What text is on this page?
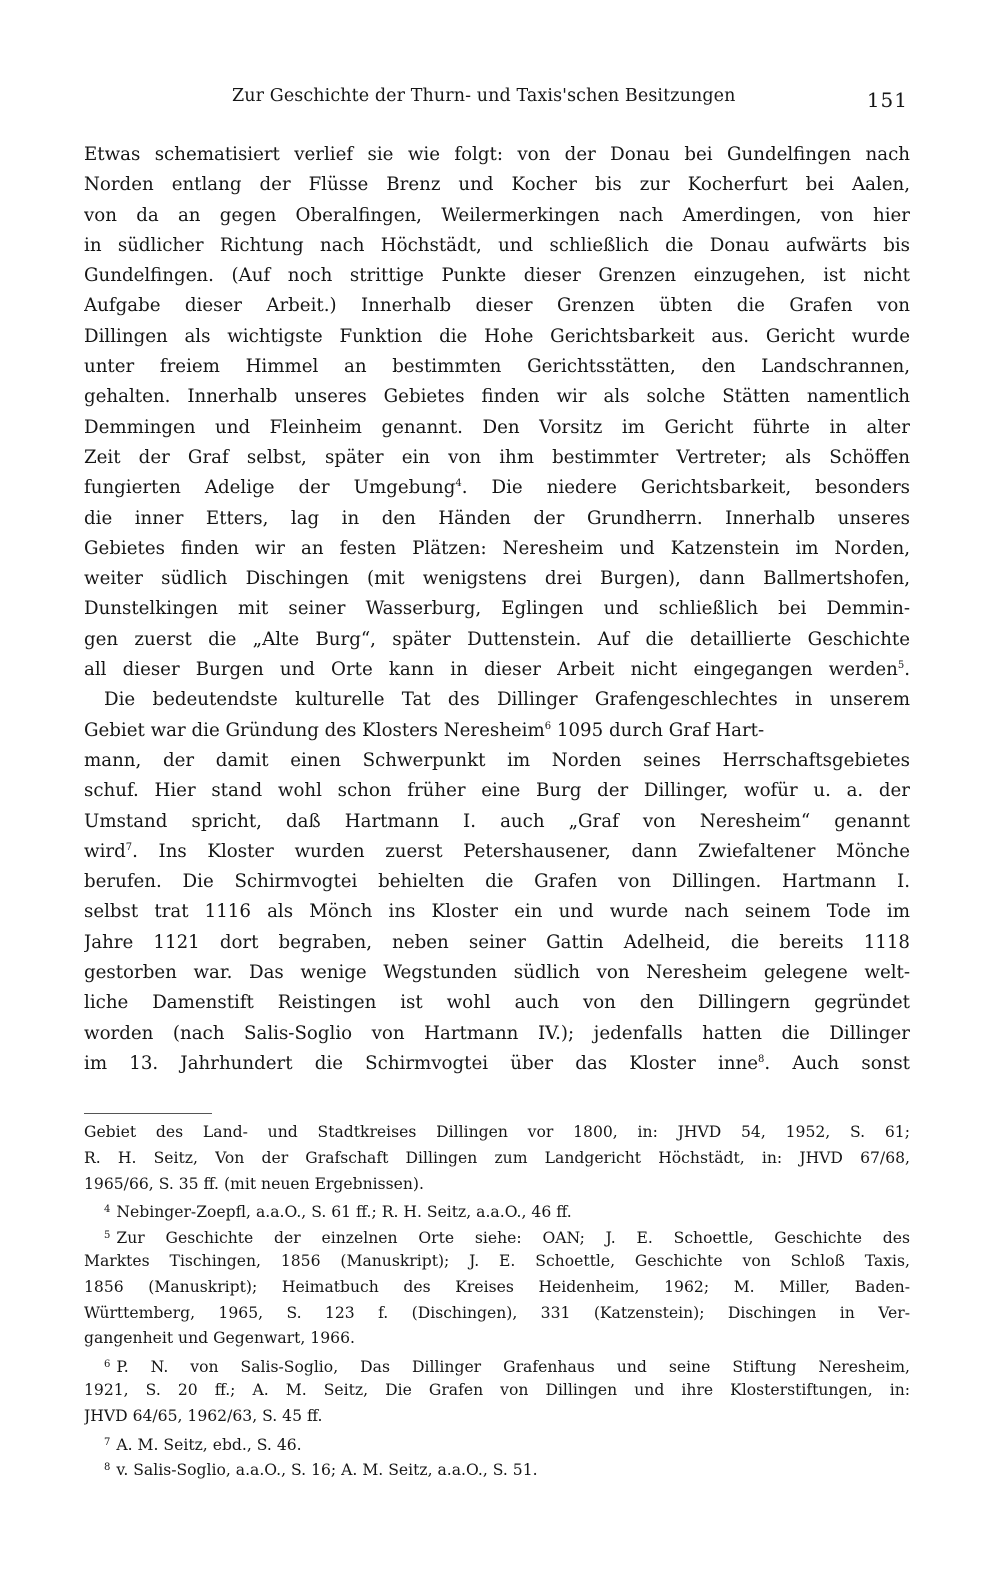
Zur Geschichte der Thurn- und Taxis'schen Besitzungen	151
Etwas schematisiert verlief sie wie folgt: von der Donau bei Gundelfingen nach
Norden entlang der Flüsse Brenz und Kocher bis zur Kocherfurt bei Aalen,
von da an gegen Oberalfingen, Weilermerkingen nach Amerdingen, von hier
in südlicher Richtung nach Höchstädt, und schließlich die Donau aufwärts bis
Gundelfingen. (Auf noch strittige Punkte dieser Grenzen einzugehen, ist nicht
Aufgabe dieser Arbeit.) Innerhalb dieser Grenzen übten die Grafen von
Dillingen als wichtigste Funktion die Hohe Gerichtsbarkeit aus. Gericht wurde
unter freiem Himmel an bestimmten Gerichtsstätten, den Landschrannen,
gehalten. Innerhalb unseres Gebietes finden wir als solche Stätten namentlich
Demmingen und Fleinheim genannt. Den Vorsitz im Gericht führte in alter
Zeit der Graf selbst, später ein von ihm bestimmter Vertreter; als Schöffen
fungierten Adelige der Umgebung$^4$. Die niedere Gerichtsbarkeit, besonders
die inner Etters, lag in den Händen der Grundherrn. Innerhalb unseres
Gebietes finden wir an festen Plätzen: Neresheim und Katzenstein im Norden,
weiter südlich Dischingen (mit wenigstens drei Burgen), dann Ballmertshofen,
Dunstelkingen mit seiner Wasserburg, Eglingen und schließlich bei Demmin-
gen zuerst die „Alte Burg“, später Duttenstein. Auf die detaillierte Geschichte
all dieser Burgen und Orte kann in dieser Arbeit nicht eingegangen werden$^5$.
Die bedeutendste kulturelle Tat des Dillinger Grafengeschlechtes in unserem
Gebiet war die Gründung des Klosters Neresheim$^6$ 1095 durch Graf Hart-
mann, der damit einen Schwerpunkt im Norden seines Herrschaftsgebietes
schuf. Hier stand wohl schon früher eine Burg der Dillinger, wofür u. a. der
Umstand spricht, daß Hartmann I. auch „Graf von Neresheim“ genannt
wird$^7$. Ins Kloster wurden zuerst Petershausener, dann Zwiefaltener Mönche
berufen. Die Schirmvogtei behielten die Grafen von Dillingen. Hartmann I.
selbst trat 1116 als Mönch ins Kloster ein und wurde nach seinem Tode im
Jahre 1121 dort begraben, neben seiner Gattin Adelheid, die bereits 1118
gestorben war. Das wenige Wegstunden südlich von Neresheim gelegene welt-
liche Damenstift Reistingen ist wohl auch von den Dillingern gegründet
worden (nach Salis-Soglio von Hartmann IV.); jedenfalls hatten die Dillinger
im 13. Jahrhundert die Schirmvogtei über das Kloster inne$^8$. Auch sonst
Gebiet des Land- und Stadtkreises Dillingen vor 1800, in: JHVD 54, 1952, S. 61;
R. H. Seitz, Von der Grafschaft Dillingen zum Landgericht Höchstädt, in: JHVD 67/68,
1965/66, S. 35 ff. (mit neuen Ergebnissen).
$^4$ Nebinger-Zoepfl, a.a.O., S. 61 ff.; R. H. Seitz, a.a.O., 46 ff.
$^5$ Zur Geschichte der einzelnen Orte siehe: OAN; J. E. Schoettle, Geschichte des
Marktes Tischingen, 1856 (Manuskript); J. E. Schoettle, Geschichte von Schloß Taxis,
1856 (Manuskript); Heimatbuch des Kreises Heidenheim, 1962; M. Miller, Baden-
Württemberg, 1965, S. 123 f. (Dischingen), 331 (Katzenstein); Dischingen in Ver-
gangenheit und Gegenwart, 1966.
$^6$ P. N. von Salis-Soglio, Das Dillinger Grafenhaus und seine Stiftung Neresheim,
1921, S. 20 ff.; A. M. Seitz, Die Grafen von Dillingen und ihre Klosterstiftungen, in:
JHVD 64/65, 1962/63, S. 45 ff.
$^7$ A. M. Seitz, ebd., S. 46.
$^8$ v. Salis-Soglio, a.a.O., S. 16; A. M. Seitz, a.a.O., S. 51.
